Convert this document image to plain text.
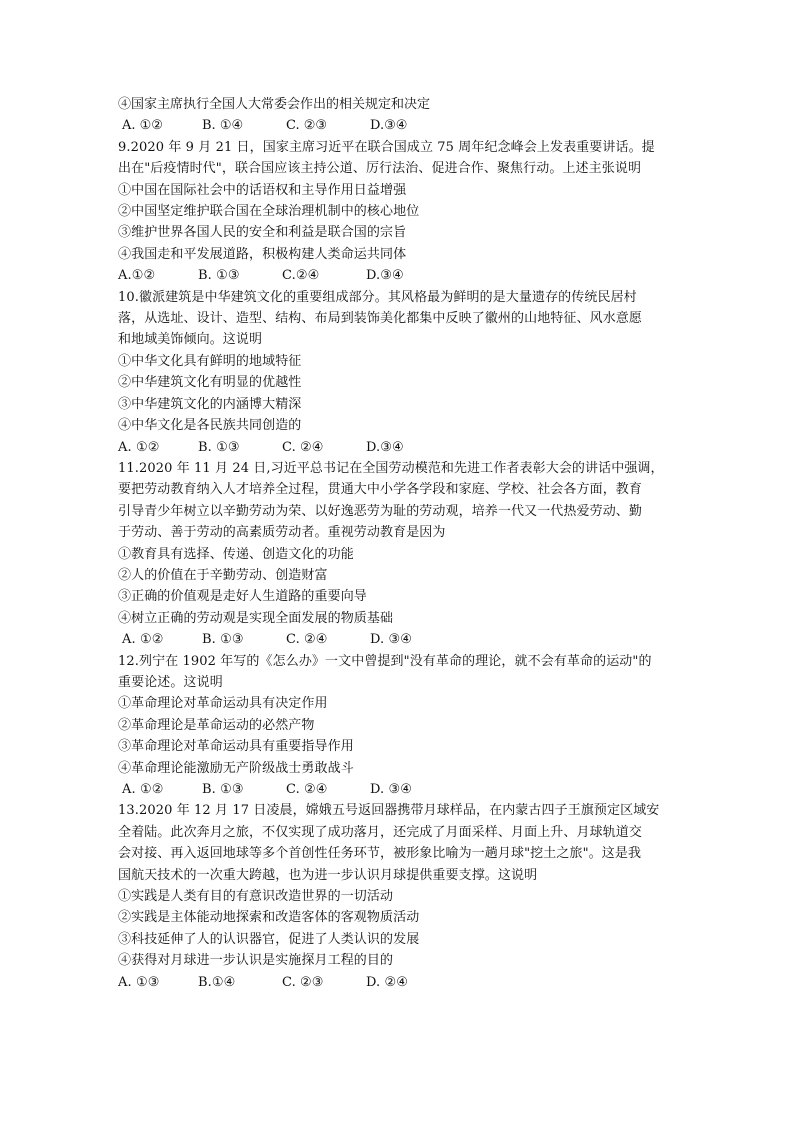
④国家主席执行全国人大常委会作出的相关规定和决定
A. ①②	B. ①④	C. ②③	D.③④
9.2020 年 9 月 21 日，国家主席习近平在联合国成立 75 周年纪念峰会上发表重要讲话。提
出在"后疫情时代"，联合国应该主持公道、厉行法治、促进合作、聚焦行动。上述主张说明
①中国在国际社会中的话语权和主导作用日益增强
②中国坚定维护联合国在全球治理机制中的核心地位
③维护世界各国人民的安全和利益是联合国的宗旨
④我国走和平发展道路，积极构建人类命运共同体
A.①②	B. ①③	C.②④	D.③④
10.徽派建筑是中华建筑文化的重要组成部分。其风格最为鲜明的是大量遗存的传统民居村
落，从选址、设计、造型、结构、布局到装饰美化都集中反映了徽州的山地特征、风水意愿
和地域美饰倾向。这说明
①中华文化具有鲜明的地域特征
②中华建筑文化有明显的优越性
③中华建筑文化的内涵博大精深
④中华文化是各民族共同创造的
A. ①②	B. ①③	C. ②④	D.③④
11.2020 年 11 月 24 日,习近平总书记在全国劳动模范和先进工作者表彰大会的讲话中强调，
要把劳动教育纳入人才培养全过程，贯通大中小学各学段和家庭、学校、社会各方面，教育
引导青少年树立以辛勤劳动为荣、以好逸恶劳为耻的劳动观，培养一代又一代热爱劳动、勤
于劳动、善于劳动的高素质劳动者。重视劳动教育是因为
①教育具有选择、传递、创造文化的功能
②人的价值在于辛勤劳动、创造财富
③正确的价值观是走好人生道路的重要向导
④树立正确的劳动观是实现全面发展的物质基础
A. ①②	B. ①③	C. ②④	D. ③④
12.列宁在 1902 年写的《怎么办》一文中曾提到"没有革命的理论，就不会有革命的运动"的
重要论述。这说明
①革命理论对革命运动具有决定作用
②革命理论是革命运动的必然产物
③革命理论对革命运动具有重要指导作用
④革命理论能激励无产阶级战士勇敢战斗
A. ①②	B. ①③	C. ②④	D. ③④
13.2020 年 12 月 17 日凌晨，嫦娥五号返回器携带月球样品，在内蒙古四子王旗预定区域安
全着陆。此次奔月之旅，不仅实现了成功落月，还完成了月面采样、月面上升、月球轨道交
会对接、再入返回地球等多个首创性任务环节，被形象比喻为一趟月球"挖土之旅"。这是我
国航天技术的一次重大跨越，也为进一步认识月球提供重要支撑。这说明
①实践是人类有目的有意识改造世界的一切活动
②实践是主体能动地探索和改造客体的客观物质活动
③科技延伸了人的认识器官，促进了人类认识的发展
④获得对月球进一步认识是实施探月工程的目的
A. ①③	B.①④	C. ②③	D. ②④
